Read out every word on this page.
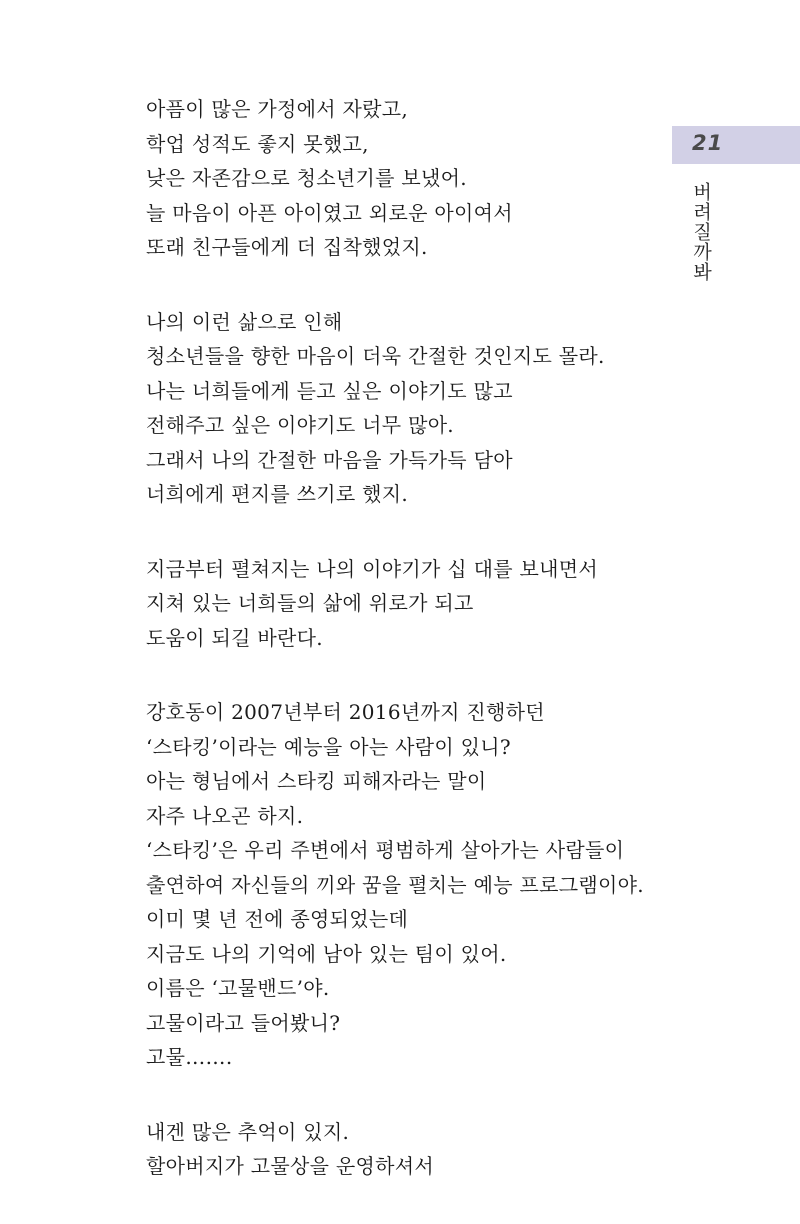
21
버려질까봐
아픔이 많은 가정에서 자랐고,
학업 성적도 좋지 못했고,
낮은 자존감으로 청소년기를 보냈어.
늘 마음이 아픈 아이였고 외로운 아이여서
또래 친구들에게 더 집착했었지.
나의 이런 삶으로 인해
청소년들을 향한 마음이 더욱 간절한 것인지도 몰라.
나는 너희들에게 듣고 싶은 이야기도 많고
전해주고 싶은 이야기도 너무 많아.
그래서 나의 간절한 마음을 가득가득 담아
너희에게 편지를 쓰기로 했지.
지금부터 펼쳐지는 나의 이야기가 십 대를 보내면서
지쳐 있는 너희들의 삶에 위로가 되고
도움이 되길 바란다.
강호동이 2007년부터 2016년까지 진행하던
‘스타킹’이라는 예능을 아는 사람이 있니?
아는 형님에서 스타킹 피해자라는 말이
자주 나오곤 하지.
‘스타킹’은 우리 주변에서 평범하게 살아가는 사람들이
출연하여 자신들의 끼와 꿈을 펼치는 예능 프로그램이야.
이미 몇 년 전에 종영되었는데
지금도 나의 기억에 남아 있는 팀이 있어.
이름은 ‘고물밴드’야.
고물이라고 들어봤니?
고물…….
내겐 많은 추억이 있지.
할아버지가 고물상을 운영하셔서
